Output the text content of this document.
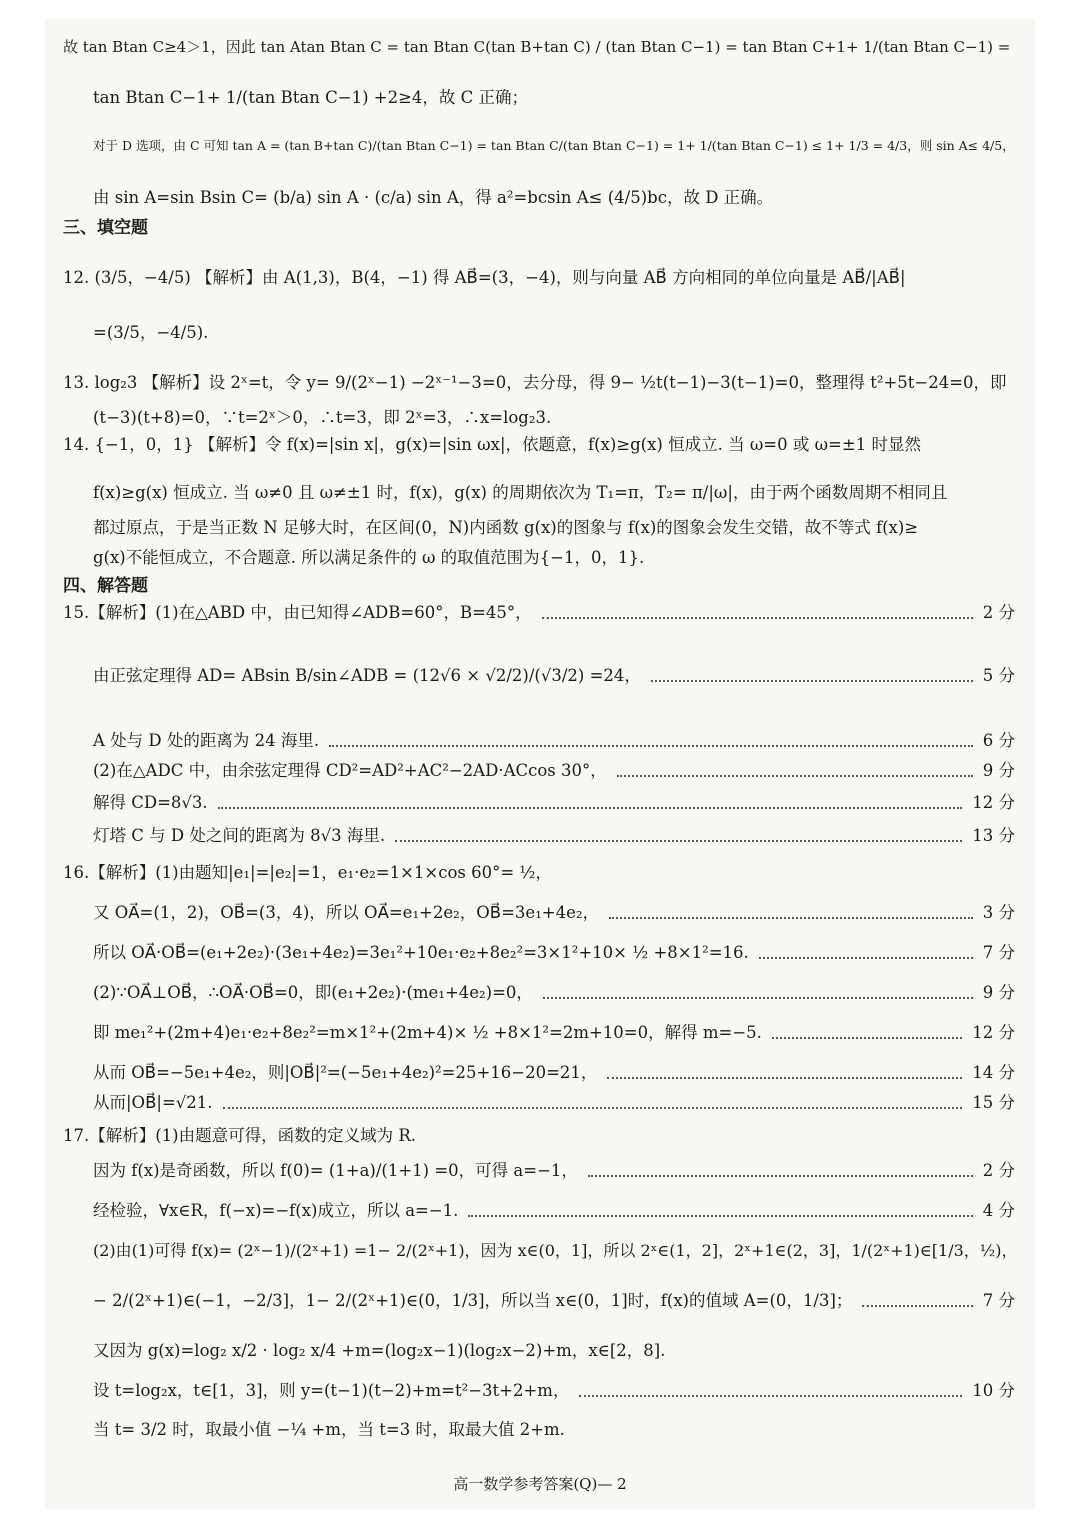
高一数学参考答案(Q)— 2
故 tan Btan C≥4＞1，因此 tan Atan Btan C = tan Btan C(tan B+tan C) / (tan Btan C−1) = tan Btan C+1+ 1/(tan Btan C−1) =
tan Btan C−1+ 1/(tan Btan C−1) +2≥4，故 C 正确；
对于 D 选项，由 C 可知 tan A = (tan B+tan C)/(tan Btan C−1) = tan Btan C/(tan Btan C−1) = 1+ 1/(tan Btan C−1) ≤ 1+ 1/3 = 4/3，则 sin A≤ 4/5，
由 sin A=sin Bsin C= (b/a) sin A · (c/a) sin A，得 a²=bcsin A≤ (4/5)bc，故 D 正确。
三、填空题
12. (3/5，−4/5) 【解析】由 A(1,3)，B(4，−1) 得 AB⃗=(3，−4)，则与向量 AB⃗ 方向相同的单位向量是 AB⃗/|AB⃗|
=(3/5，−4/5).
13. log₂3 【解析】设 2ˣ=t，令 y= 9/(2ˣ−1) −2ˣ⁻¹−3=0，去分母，得 9− ½t(t−1)−3(t−1)=0，整理得 t²+5t−24=0，即
(t−3)(t+8)=0，∵t=2ˣ＞0，∴t=3，即 2ˣ=3，∴x=log₂3.
14. {−1，0，1} 【解析】令 f(x)=|sin x|，g(x)=|sin ωx|，依题意，f(x)≥g(x) 恒成立. 当 ω=0 或 ω=±1 时显然
f(x)≥g(x) 恒成立. 当 ω≠0 且 ω≠±1 时，f(x)，g(x) 的周期依次为 T₁=π，T₂= π/|ω|，由于两个函数周期不相同且
都过原点，于是当正数 N 足够大时，在区间(0，N)内函数 g(x)的图象与 f(x)的图象会发生交错，故不等式 f(x)≥
g(x)不能恒成立，不合题意. 所以满足条件的 ω 的取值范围为{−1，0，1}.
四、解答题
15.【解析】(1)在△ABD 中，由已知得∠ADB=60°，B=45°，	2 分
由正弦定理得 AD= ABsin B/sin∠ADB = (12√6 × √2/2)/(√3/2) =24，	5 分
A 处与 D 处的距离为 24 海里.	6 分
(2)在△ADC 中，由余弦定理得 CD²=AD²+AC²−2AD·ACcos 30°，	9 分
解得 CD=8√3.	12 分
灯塔 C 与 D 处之间的距离为 8√3 海里.	13 分
16.【解析】(1)由题知|e₁|=|e₂|=1，e₁·e₂=1×1×cos 60°= ½，
又 OA⃗=(1，2)，OB⃗=(3，4)，所以 OA⃗=e₁+2e₂，OB⃗=3e₁+4e₂，	3 分
所以 OA⃗·OB⃗=(e₁+2e₂)·(3e₁+4e₂)=3e₁²+10e₁·e₂+8e₂²=3×1²+10× ½ +8×1²=16.	7 分
(2)∵OA⃗⊥OB⃗，∴OA⃗·OB⃗=0，即(e₁+2e₂)·(me₁+4e₂)=0，	9 分
即 me₁²+(2m+4)e₁·e₂+8e₂²=m×1²+(2m+4)× ½ +8×1²=2m+10=0，解得 m=−5.	12 分
从而 OB⃗=−5e₁+4e₂，则|OB⃗|²=(−5e₁+4e₂)²=25+16−20=21，	14 分
从而|OB⃗|=√21.	15 分
17.【解析】(1)由题意可得，函数的定义域为 R.
因为 f(x)是奇函数，所以 f(0)= (1+a)/(1+1) =0，可得 a=−1，	2 分
经检验，∀x∈R，f(−x)=−f(x)成立，所以 a=−1.	4 分
(2)由(1)可得 f(x)= (2ˣ−1)/(2ˣ+1) =1− 2/(2ˣ+1)，因为 x∈(0，1]，所以 2ˣ∈(1，2]，2ˣ+1∈(2，3]，1/(2ˣ+1)∈[1/3，½)，
− 2/(2ˣ+1)∈(−1，−2/3]，1− 2/(2ˣ+1)∈(0，1/3]，所以当 x∈(0，1]时，f(x)的值域 A=(0，1/3]；	7 分
又因为 g(x)=log₂ x/2 · log₂ x/4 +m=(log₂x−1)(log₂x−2)+m，x∈[2，8].
设 t=log₂x，t∈[1，3]，则 y=(t−1)(t−2)+m=t²−3t+2+m，	10 分
当 t= 3/2 时，取最小值 −¼ +m，当 t=3 时，取最大值 2+m.
